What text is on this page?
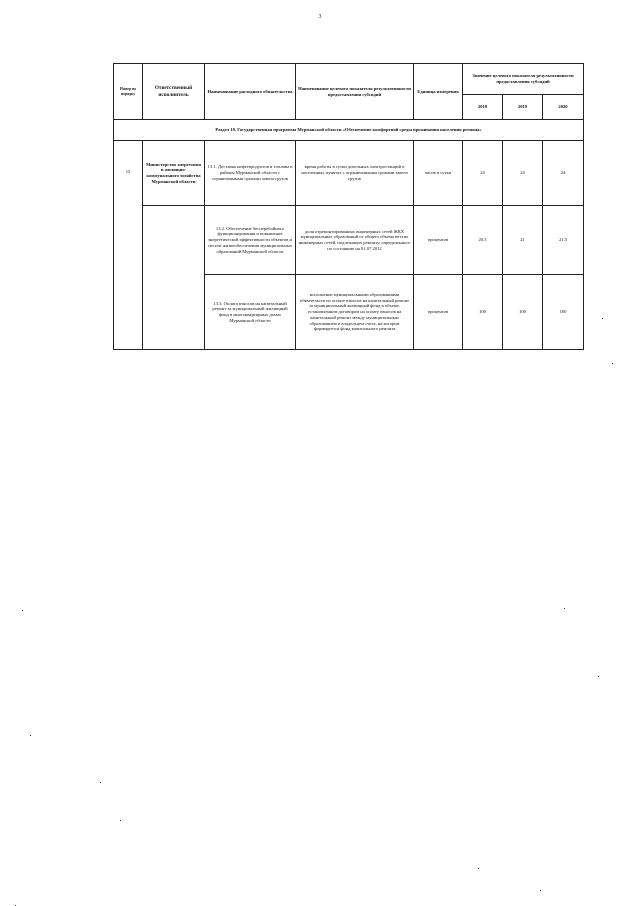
3
Номер по порядку	Ответственный исполнитель	Наименование расходного обязательства	Наименование целевого показателя результативности предоставления субсидий	Единица измерения	Значение целевого показателя результативности предоставления субсидий		
					2018	2019	2020
Раздел 10. Государственная программа Мурманской области «Обеспечение комфортной среды проживания населения региона»							
15	Министерство энергетики и жилищно-коммунального хозяйства Мурманской области	13.1. Доставка нефтепродуктов и топлива в районы Мурманской области с ограниченными сроками завоза грузов	время работы в сутки дизельных электростанций в населенных пунктах с ограниченными сроками завоза грузов	часов в сутки	24	24	24
		13.2. Обеспечение бесперебойного функционирования и повышение энергетической эффективности объектов и систем жизнеобеспечения муниципальных образований Мурманской области	доля отремонтированных инженерных сетей ЖКХ муниципальных образований от общего объема ветхих инженерных сетей, подлежащих ремонту, определенного по состоянию на 01.07.2012	процентов	20,5	21	21,5
		13.3. Оплата взносов на капитальный ремонт за муниципальный жилищный фонд в многоквартирных домах Мурманской области	исполнение муниципальными образованиями обязательств по оплате взносов на капитальный ремонт за муниципальный жилищный фонд в объеме, установленном договором на оплату взносов на капитальный ремонт между муниципальным образованием и владельцем счета, на котором формируется фонд капитального ремонта	процентов	100	100	100
